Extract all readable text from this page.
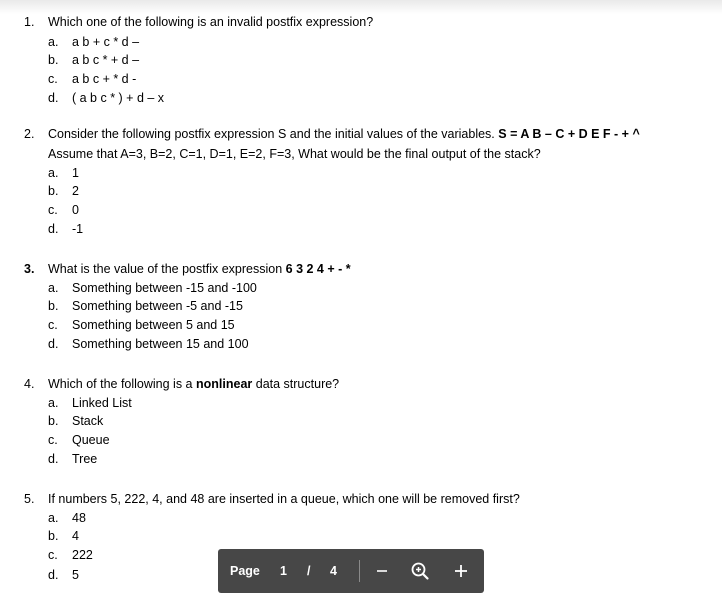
1. Which one of the following is an invalid postfix expression?
a. a b + c * d –
b. a b c * + d –
c. a b c + * d -
d. ( a b c * ) + d – x
2. Consider the following postfix expression S and the initial values of the variables. S = A B – C + D E F - + ^
Assume that A=3, B=2, C=1, D=1, E=2, F=3, What would be the final output of the stack?
a. 1
b. 2
c. 0
d. -1
3. What is the value of the postfix expression 6 3 2 4 + - *
a. Something between -15 and -100
b. Something between -5 and -15
c. Something between 5 and 15
d. Something between 15 and 100
4. Which of the following is a nonlinear data structure?
a. Linked List
b. Stack
c. Queue
d. Tree
5. If numbers 5, 222, 4, and 48 are inserted in a queue, which one will be removed first?
a. 48
b. 4
c. 222
d. 5	Page 1 / 4
